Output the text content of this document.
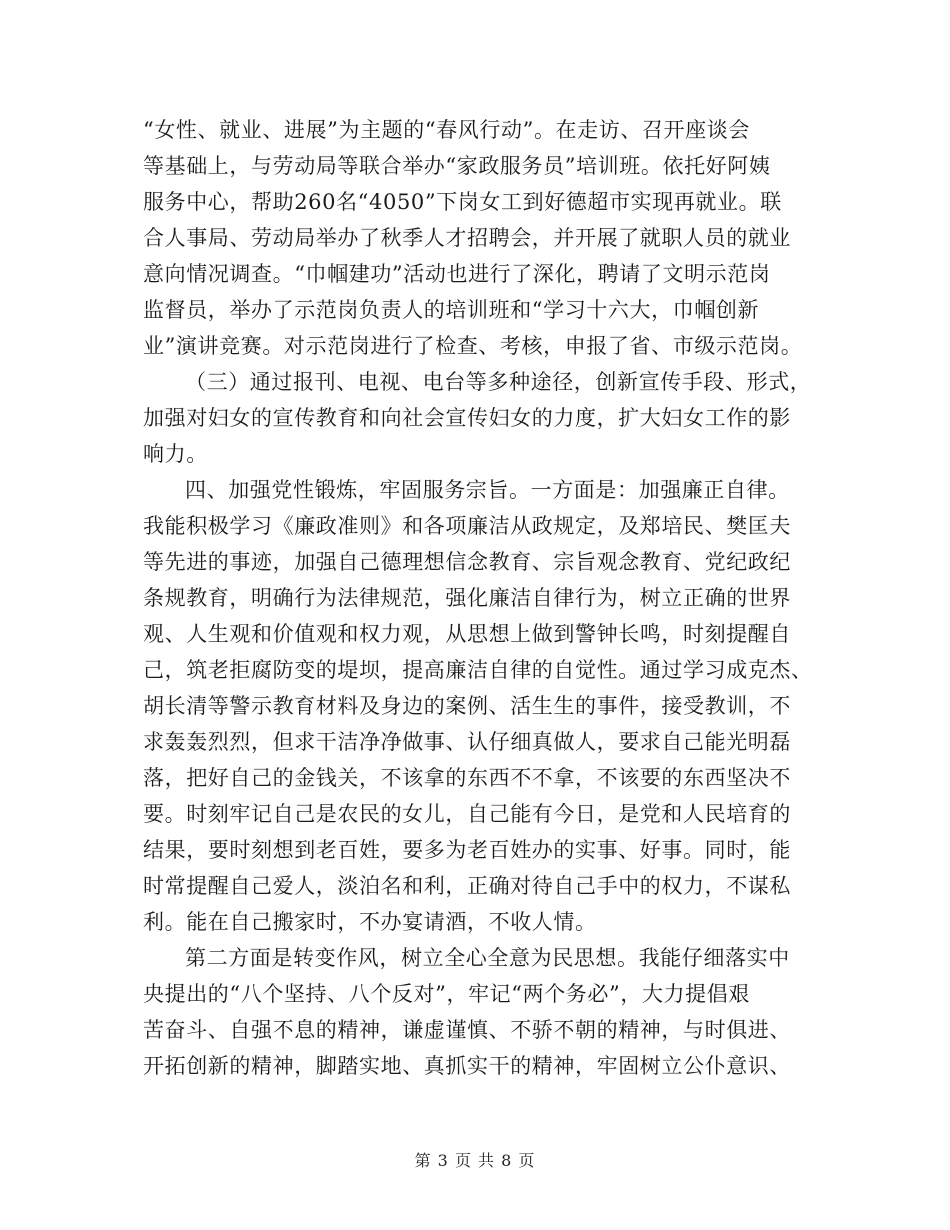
“女性、就业、进展”为主题的“春风行动”。在走访、召开座谈会
等基础上，与劳动局等联合举办“家政服务员”培训班。依托好阿姨
服务中心，帮助260名“4050”下岗女工到好德超市实现再就业。联
合人事局、劳动局举办了秋季人才招聘会，并开展了就职人员的就业
意向情况调查。“巾帼建功”活动也进行了深化，聘请了文明示范岗
监督员，举办了示范岗负责人的培训班和“学习十六大，巾帼创新
业”演讲竞赛。对示范岗进行了检查、考核，申报了省、市级示范岗。
（三）通过报刊、电视、电台等多种途径，创新宣传手段、形式，
加强对妇女的宣传教育和向社会宣传妇女的力度，扩大妇女工作的影
响力。
四、加强党性锻炼，牢固服务宗旨。一方面是：加强廉正自律。
我能积极学习《廉政准则》和各项廉洁从政规定，及郑培民、樊匡夫
等先进的事迹，加强自己德理想信念教育、宗旨观念教育、党纪政纪
条规教育，明确行为法律规范，强化廉洁自律行为，树立正确的世界
观、人生观和价值观和权力观，从思想上做到警钟长鸣，时刻提醒自
己，筑老拒腐防变的堤坝，提高廉洁自律的自觉性。通过学习成克杰、
胡长清等警示教育材料及身边的案例、活生生的事件，接受教训，不
求轰轰烈烈，但求干洁净净做事、认仔细真做人，要求自己能光明磊
落，把好自己的金钱关，不该拿的东西不不拿，不该要的东西坚决不
要。时刻牢记自己是农民的女儿，自己能有今日，是党和人民培育的
结果，要时刻想到老百姓，要多为老百姓办的实事、好事。同时，能
时常提醒自己爱人，淡泊名和利，正确对待自己手中的权力，不谋私
利。能在自己搬家时，不办宴请酒，不收人情。
第二方面是转变作风，树立全心全意为民思想。我能仔细落实中
央提出的“八个坚持、八个反对”，牢记“两个务必”，大力提倡艰
苦奋斗、自强不息的精神，谦虚谨慎、不骄不朝的精神，与时俱进、
开拓创新的精神，脚踏实地、真抓实干的精神，牢固树立公仆意识、
第 3 页 共 8 页
